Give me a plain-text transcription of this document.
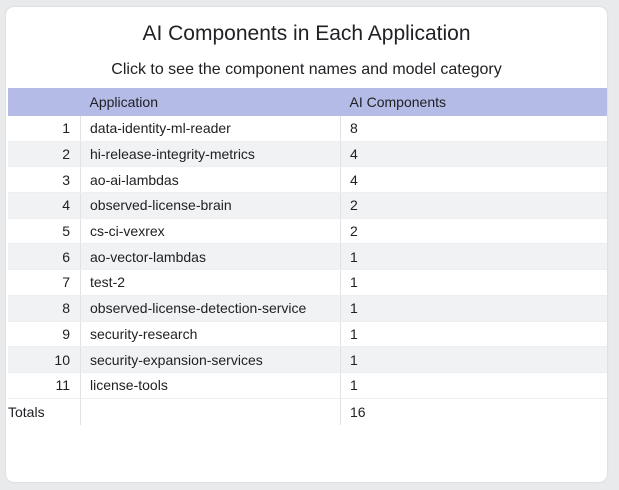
AI Components in Each Application
Click to see the component names and model category
	Application	AI Components
1	data-identity-ml-reader	8
2	hi-release-integrity-metrics	4
3	ao-ai-lambdas	4
4	observed-license-brain	2
5	cs-ci-vexrex	2
6	ao-vector-lambdas	1
7	test-2	1
8	observed-license-detection-service	1
9	security-research	1
10	security-expansion-services	1
11	license-tools	1
Totals		16
